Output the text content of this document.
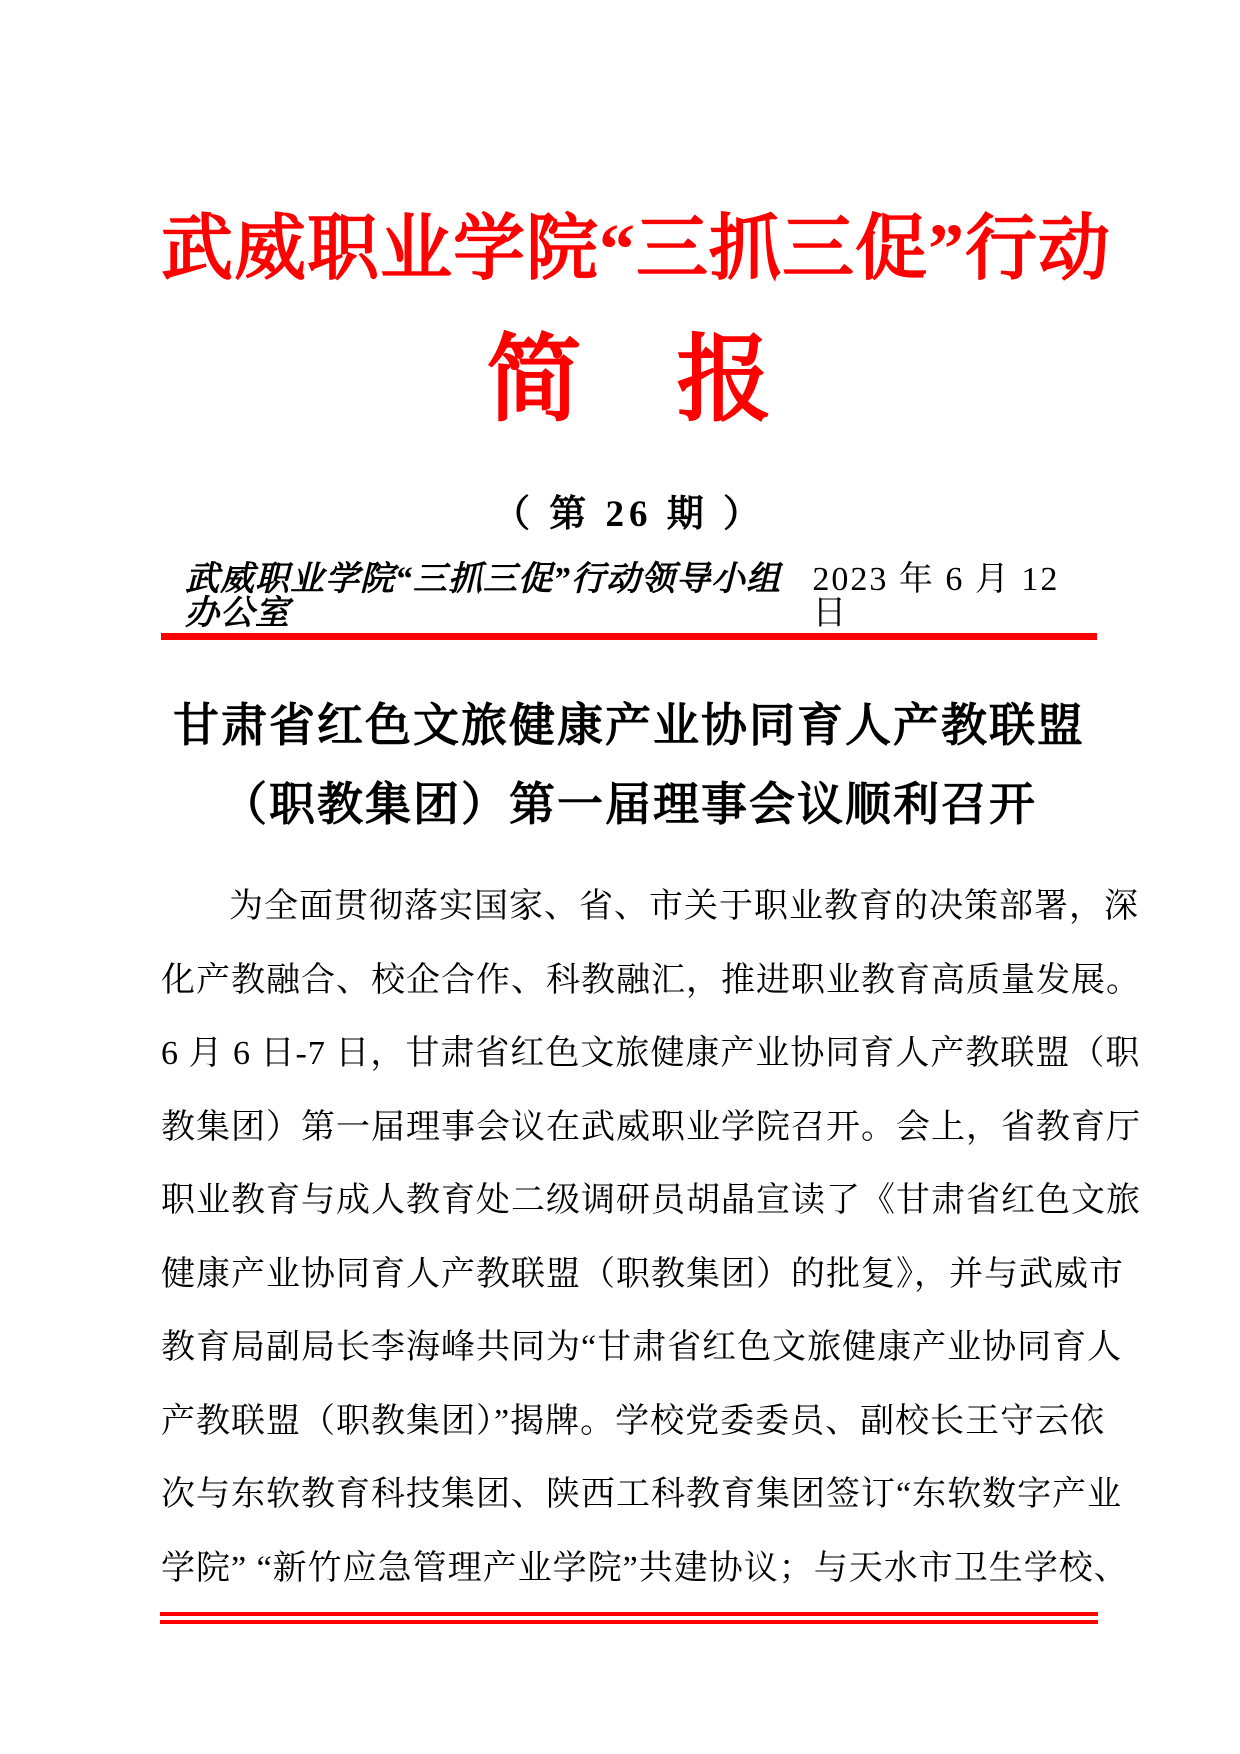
武威职业学院“三抓三促”行动
简　报
（ 第 26 期 ）
武威职业学院“三抓三促”行动领导小组办公室
2023 年 6 月 12 日
甘肃省红色文旅健康产业协同育人产教联盟
（职教集团）第一届理事会议顺利召开
为全面贯彻落实国家、省、市关于职业教育的决策部署，深
化产教融合、校企合作、科教融汇，推进职业教育高质量发展。
6 月 6 日-7 日，甘肃省红色文旅健康产业协同育人产教联盟（职
教集团）第一届理事会议在武威职业学院召开。会上，省教育厅
职业教育与成人教育处二级调研员胡晶宣读了《甘肃省红色文旅
健康产业协同育人产教联盟（职教集团）的批复》，并与武威市
教育局副局长李海峰共同为“甘肃省红色文旅健康产业协同育人
产教联盟（职教集团）”揭牌。学校党委委员、副校长王守云依
次与东软教育科技集团、陕西工科教育集团签订“东软数字产业
学院” “新竹应急管理产业学院”共建协议；与天水市卫生学校、
